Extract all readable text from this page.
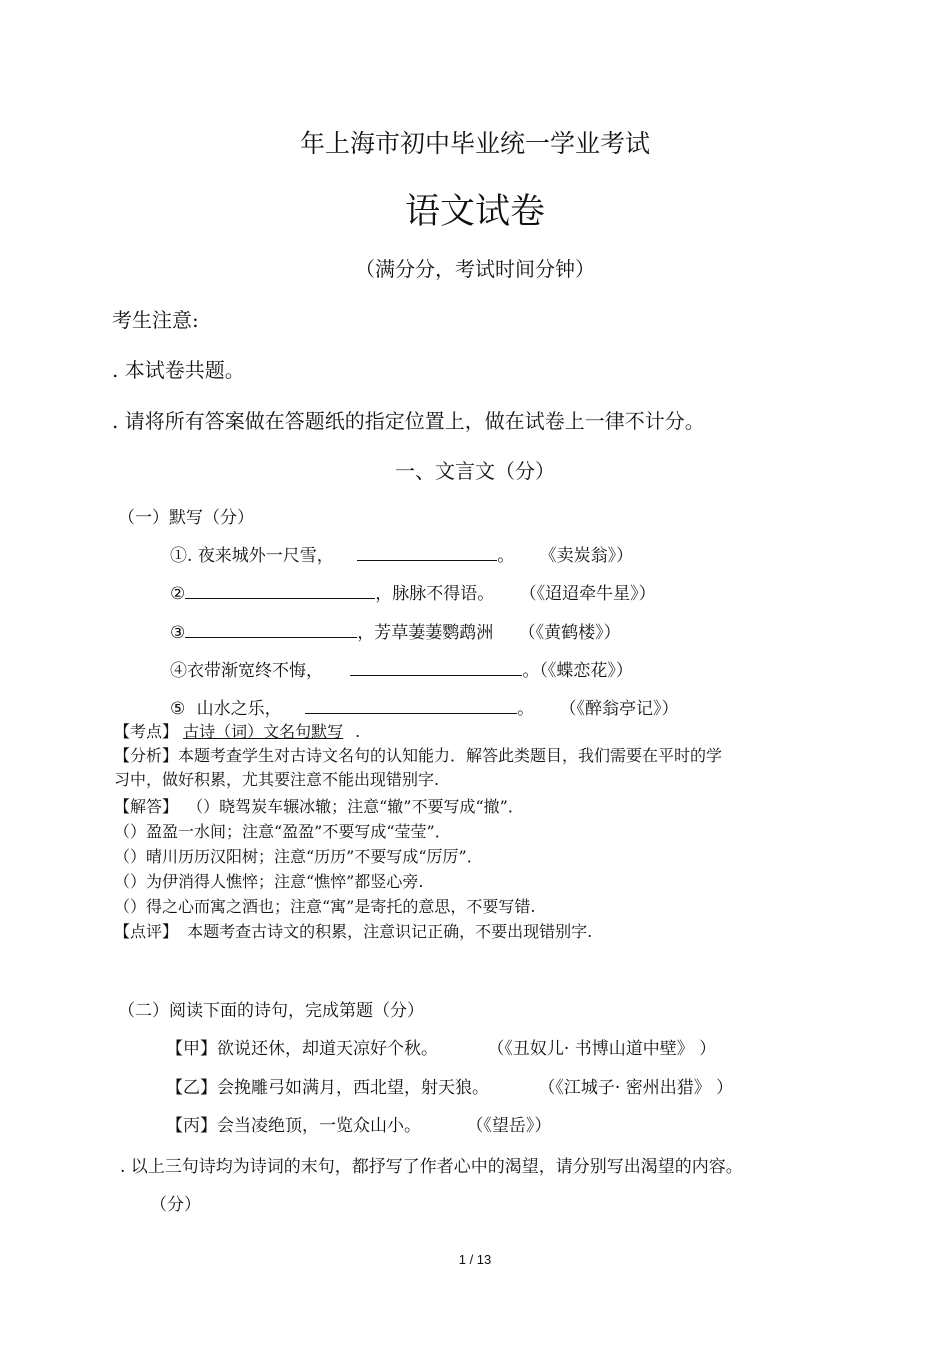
年上海市初中毕业统一学业考试
语文试卷
（满分分，考试时间分钟）
考生注意:
. 本试卷共题。
. 请将所有答案做在答题纸的指定位置上，做在试卷上一律不计分。
一、文言文（分）
（一）默写（分）
①. 夜来城外一尺雪，	。 《卖炭翁》）
②	，脉脉不得语。 （《迢迢牵牛星》）
③	，芳草萋萋鹦鹉洲 （《黄鹤楼》）
④衣带渐宽终不悔，	。（《蝶恋花》）
⑤ 山水之乐，	。 （《醉翁亭记》）
【考点】 古诗（词）文名句默写 .
【分析】本题考查学生对古诗文名句的认知能力．解答此类题目，我们需要在平时的学
习中，做好积累，尤其要注意不能出现错别字.
【解答】 （）晓驾炭车辗冰辙；注意“辙”不要写成“撤”．
（）盈盈一水间；注意“盈盈”不要写成“莹莹”．
（）晴川历历汉阳树；注意“历历”不要写成“厉厉”．
（）为伊消得人憔悴；注意“憔悴”都竖心旁.
（）得之心而寓之酒也；注意“寓”是寄托的意思，不要写错.
【点评】 本题考查古诗文的积累，注意识记正确，不要出现错别字.
（二）阅读下面的诗句，完成第题（分）
【甲】欲说还休，却道天凉好个秋。	（《丑奴儿· 书博山道中壁》 ）
【乙】会挽雕弓如满月，西北望，射天狼。	（《江城子· 密州出猎》 ）
【丙】会当凌绝顶，一览众山小。	（《望岳》）
. 以上三句诗均为诗词的末句，都抒写了作者心中的渴望，请分别写出渴望的内容。
（分）
1 / 13
